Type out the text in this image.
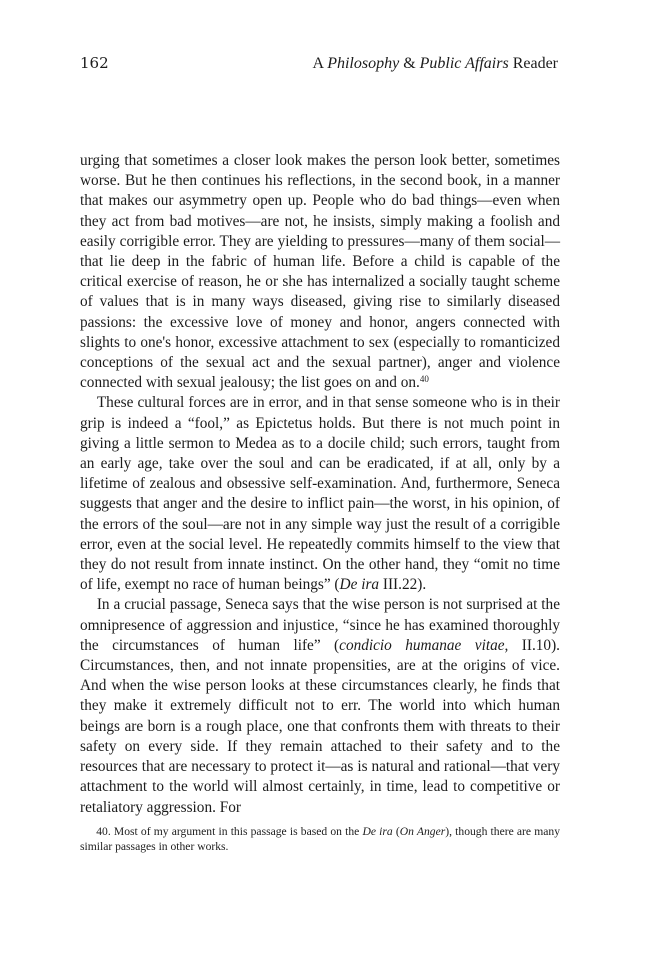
162	A Philosophy & Public Affairs Reader

urging that sometimes a closer look makes the person look better, sometimes worse. But he then continues his reflections, in the second book, in a manner that makes our asymmetry open up. People who do bad things—even when they act from bad motives—are not, he insists, simply making a foolish and easily corrigible error. They are yielding to pressures—many of them social—that lie deep in the fabric of human life. Before a child is capable of the critical exercise of reason, he or she has internalized a socially taught scheme of values that is in many ways diseased, giving rise to similarly diseased passions: the excessive love of money and honor, angers connected with slights to one's honor, excessive attachment to sex (especially to romanticized conceptions of the sexual act and the sexual partner), anger and violence connected with sexual jealousy; the list goes on and on.$^{40}$

These cultural forces are in error, and in that sense someone who is in their grip is indeed a “fool,” as Epictetus holds. But there is not much point in giving a little sermon to Medea as to a docile child; such errors, taught from an early age, take over the soul and can be eradicated, if at all, only by a lifetime of zealous and obsessive self-examination. And, furthermore, Seneca suggests that anger and the desire to inflict pain—the worst, in his opinion, of the errors of the soul—are not in any simple way just the result of a corrigible error, even at the social level. He repeatedly commits himself to the view that they do not result from innate instinct. On the other hand, they “omit no time of life, exempt no race of human beings” (De ira III.22).

In a crucial passage, Seneca says that the wise person is not surprised at the omnipresence of aggression and injustice, “since he has examined thoroughly the circumstances of human life” (condicio humanae vitae, II.10). Circumstances, then, and not innate propensities, are at the origins of vice. And when the wise person looks at these circumstances clearly, he finds that they make it extremely difficult not to err. The world into which human beings are born is a rough place, one that confronts them with threats to their safety on every side. If they remain attached to their safety and to the resources that are necessary to protect it—as is natural and rational—that very attachment to the world will almost certainly, in time, lead to competitive or retaliatory aggression. For

40. Most of my argument in this passage is based on the De ira (On Anger), though there are many similar passages in other works.
